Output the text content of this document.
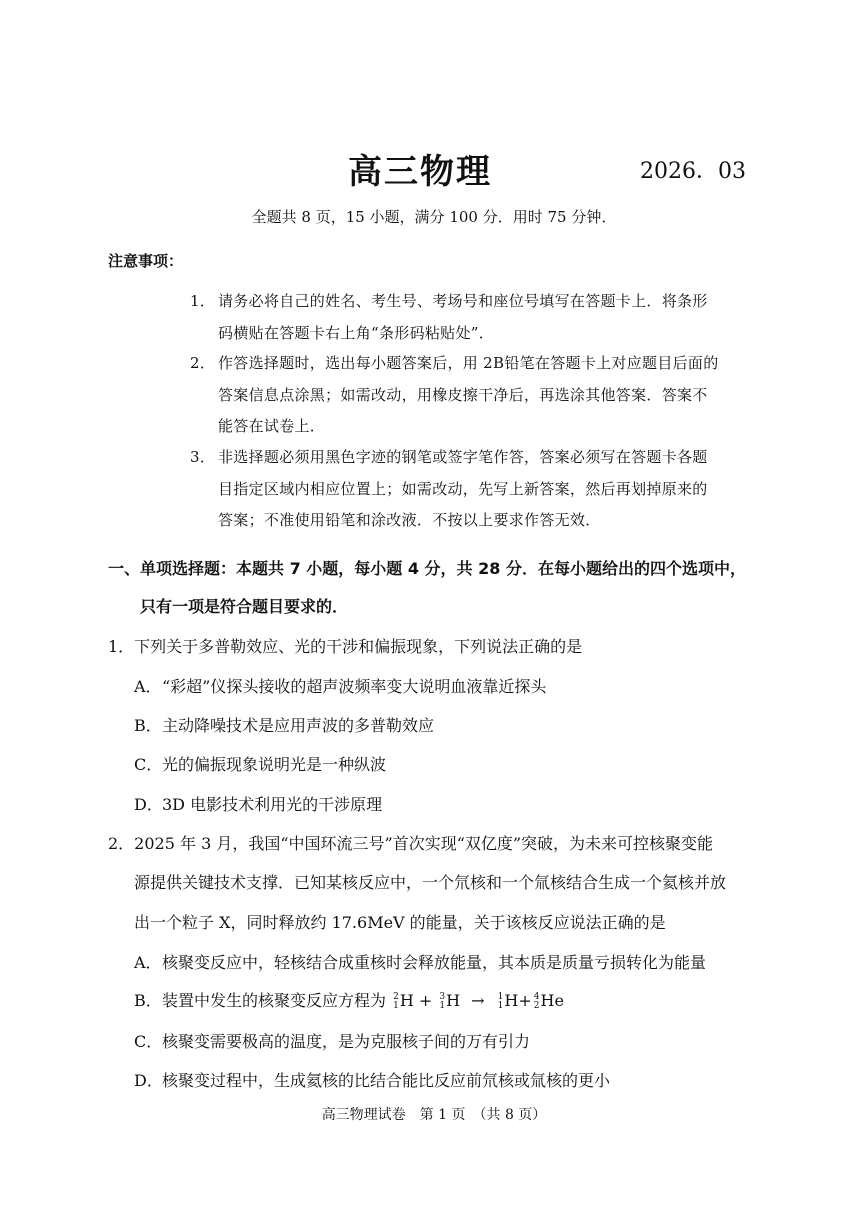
高三物理	2026．03
全题共 8 页，15 小题，满分 100 分．用时 75 分钟．
注意事项：
1． 请务必将自己的姓名、考生号、考场号和座位号填写在答题卡上．将条形
码横贴在答题卡右上角“条形码粘贴处”．
2． 作答选择题时，选出每小题答案后，用 2B铅笔在答题卡上对应题目后面的
答案信息点涂黑；如需改动，用橡皮擦干净后，再选涂其他答案．答案不
能答在试卷上．
3． 非选择题必须用黑色字迹的钢笔或签字笔作答，答案必须写在答题卡各题
目指定区域内相应位置上；如需改动，先写上新答案，然后再划掉原来的
答案；不准使用铅笔和涂改液．不按以上要求作答无效．
一、单项选择题：本题共 7 小题，每小题 4 分，共 28 分．在每小题给出的四个选项中，
只有一项是符合题目要求的．
1．下列关于多普勒效应、光的干涉和偏振现象，下列说法正确的是
A．“彩超”仪探头接收的超声波频率变大说明血液靠近探头
B．主动降噪技术是应用声波的多普勒效应
C．光的偏振现象说明光是一种纵波
D．3D 电影技术利用光的干涉原理
2．2025 年 3 月，我国“中国环流三号”首次实现“双亿度”突破，为未来可控核聚变能
源提供关键技术支撑．已知某核反应中，一个氘核和一个氚核结合生成一个氦核并放
出一个粒子 X，同时释放约 17.6MeV 的能量，关于该核反应说法正确的是
A．核聚变反应中，轻核结合成重核时会释放能量，其本质是质量亏损转化为能量
B．装置中发生的核聚变反应方程为 2
1 H + 3
1 H → 1
1 H+ 4
2 He
C．核聚变需要极高的温度，是为克服核子间的万有引力
D．核聚变过程中，生成氦核的比结合能比反应前氘核或氚核的更小
高三物理试卷　第 1 页　（共 8 页）
